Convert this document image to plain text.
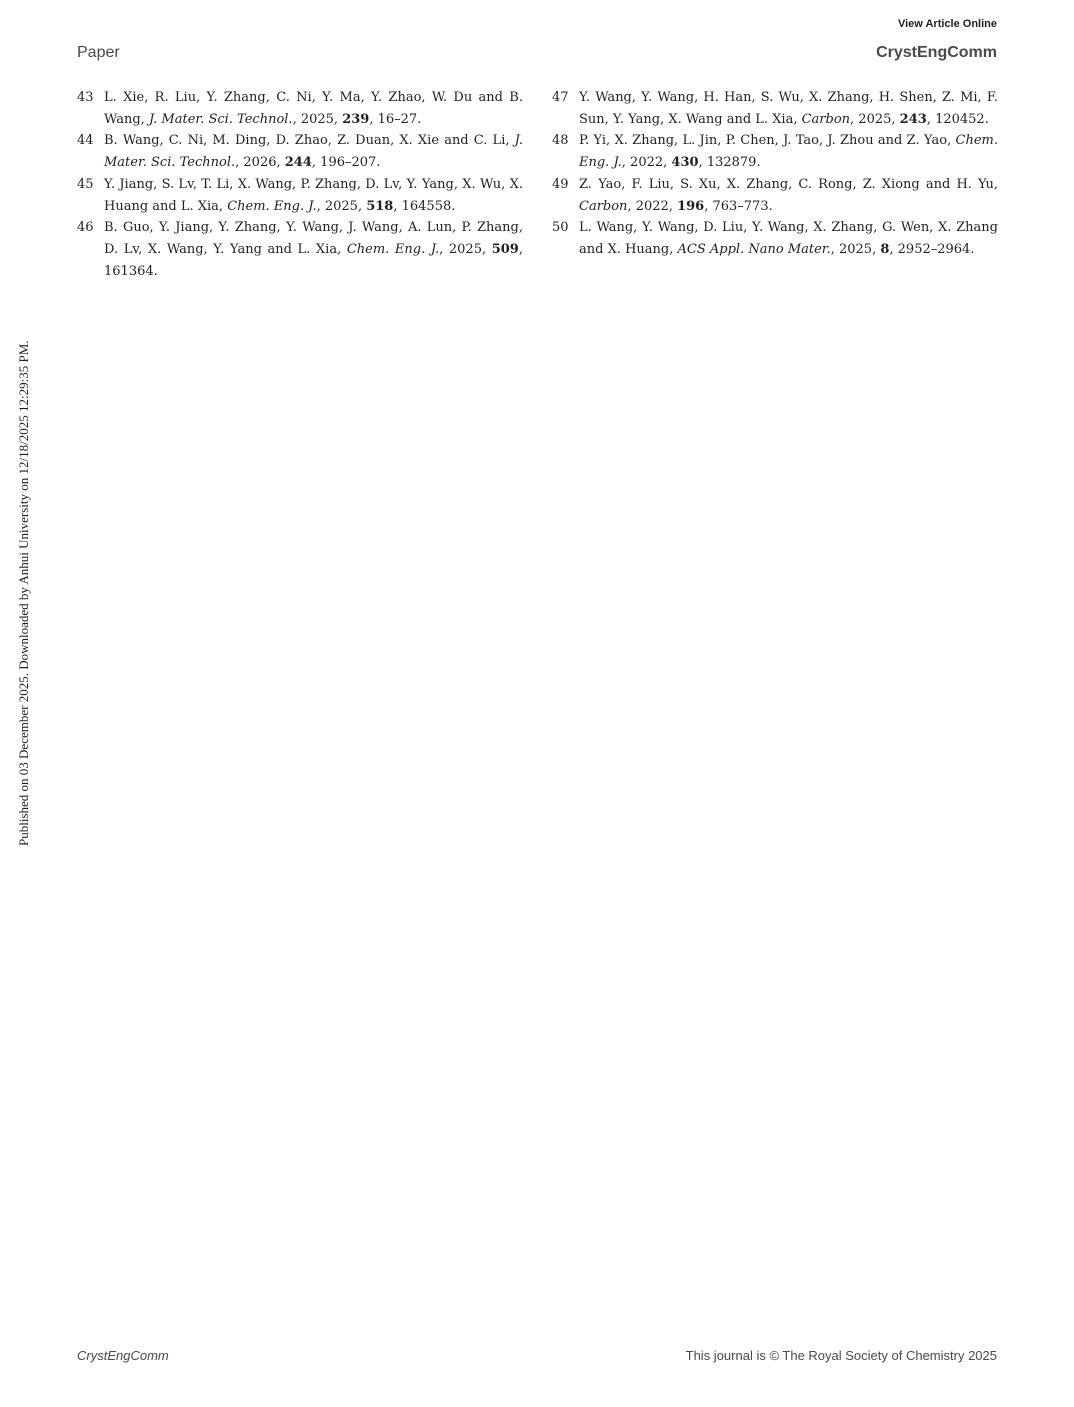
View Article Online
Paper	CrystEngComm
Published on 03 December 2025. Downloaded by Anhui University on 12/18/2025 12:29:35 PM.
43 L. Xie, R. Liu, Y. Zhang, C. Ni, Y. Ma, Y. Zhao, W. Du and B. Wang, J. Mater. Sci. Technol., 2025, 239, 16–27.
44 B. Wang, C. Ni, M. Ding, D. Zhao, Z. Duan, X. Xie and C. Li, J. Mater. Sci. Technol., 2026, 244, 196–207.
45 Y. Jiang, S. Lv, T. Li, X. Wang, P. Zhang, D. Lv, Y. Yang, X. Wu, X. Huang and L. Xia, Chem. Eng. J., 2025, 518, 164558.
46 B. Guo, Y. Jiang, Y. Zhang, Y. Wang, J. Wang, A. Lun, P. Zhang, D. Lv, X. Wang, Y. Yang and L. Xia, Chem. Eng. J., 2025, 509, 161364.
47 Y. Wang, Y. Wang, H. Han, S. Wu, X. Zhang, H. Shen, Z. Mi, F. Sun, Y. Yang, X. Wang and L. Xia, Carbon, 2025, 243, 120452.
48 P. Yi, X. Zhang, L. Jin, P. Chen, J. Tao, J. Zhou and Z. Yao, Chem. Eng. J., 2022, 430, 132879.
49 Z. Yao, F. Liu, S. Xu, X. Zhang, C. Rong, Z. Xiong and H. Yu, Carbon, 2022, 196, 763–773.
50 L. Wang, Y. Wang, D. Liu, Y. Wang, X. Zhang, G. Wen, X. Zhang and X. Huang, ACS Appl. Nano Mater., 2025, 8, 2952–2964.
CrystEngComm	This journal is © The Royal Society of Chemistry 2025
